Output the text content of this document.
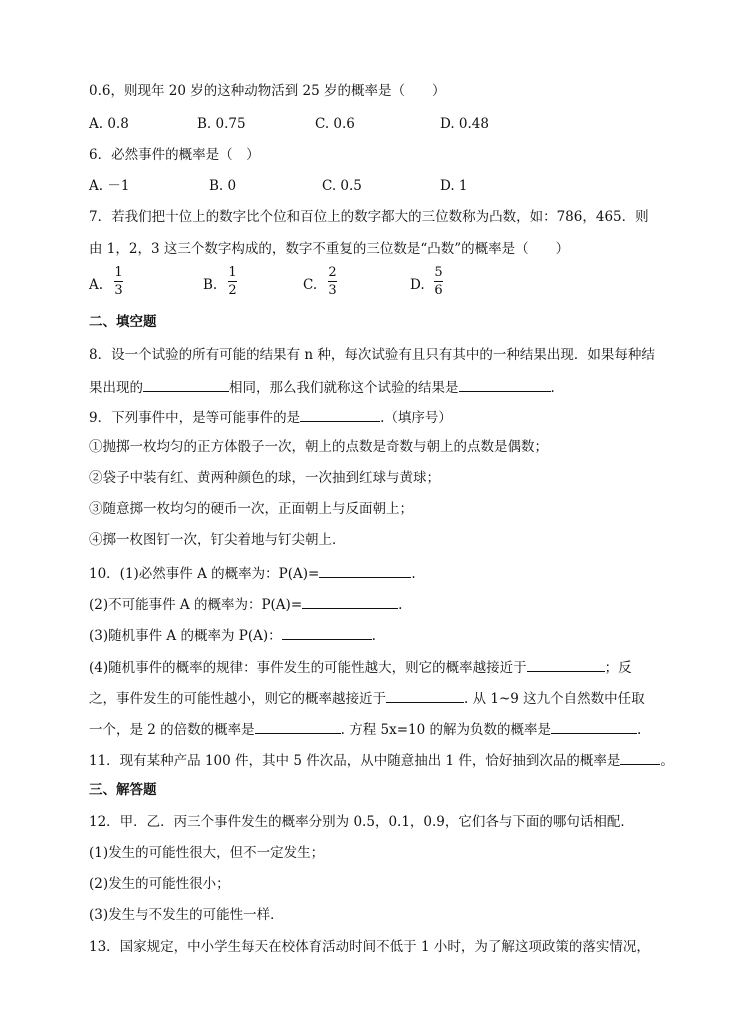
0.6，则现年 20 岁的这种动物活到 25 岁的概率是（　　）
A. 0.8	B. 0.75	C. 0.6	D. 0.48
6．必然事件的概率是（　）
A. －1	B. 0	C. 0.5	D. 1
7．若我们把十位上的数字比个位和百位上的数字都大的三位数称为凸数，如：786，465．则
由 1，2，3 这三个数字构成的，数字不重复的三位数是“凸数”的概率是（　　）
A.
1
3	B.
1
2	C.
2
3	D.
5
6
二、填空题
8．设一个试验的所有可能的结果有 n 种，每次试验有且只有其中的一种结果出现．如果每种结
果出现的	相同，那么我们就称这个试验的结果是	.
9．下列事件中，是等可能事件的是	.（填序号）
①抛掷一枚均匀的正方体骰子一次，朝上的点数是奇数与朝上的点数是偶数；
②袋子中装有红、黄两种颜色的球，一次抽到红球与黄球；
③随意掷一枚均匀的硬币一次，正面朝上与反面朝上；
④掷一枚图钉一次，钉尖着地与钉尖朝上．
10．(1)必然事件 A 的概率为：P(A)=	.
(2)不可能事件 A 的概率为：P(A)=	.
(3)随机事件 A 的概率为 P(A)：	.
(4)随机事件的概率的规律：事件发生的可能性越大，则它的概率越接近于	；反
之，事件发生的可能性越小，则它的概率越接近于	. 从 1~9 这九个自然数中任取
一个，是 2 的倍数的概率是	. 方程 5x=10 的解为负数的概率是	.
11．现有某种产品 100 件，其中 5 件次品，从中随意抽出 1 件，恰好抽到次品的概率是	。
三、解答题
12．甲．乙．丙三个事件发生的概率分别为 0.5，0.1，0.9，它们各与下面的哪句话相配．
(1)发生的可能性很大，但不一定发生；
(2)发生的可能性很小；
(3)发生与不发生的可能性一样．
13．国家规定，中小学生每天在校体育活动时间不低于 1 小时，为了解这项政策的落实情况，
